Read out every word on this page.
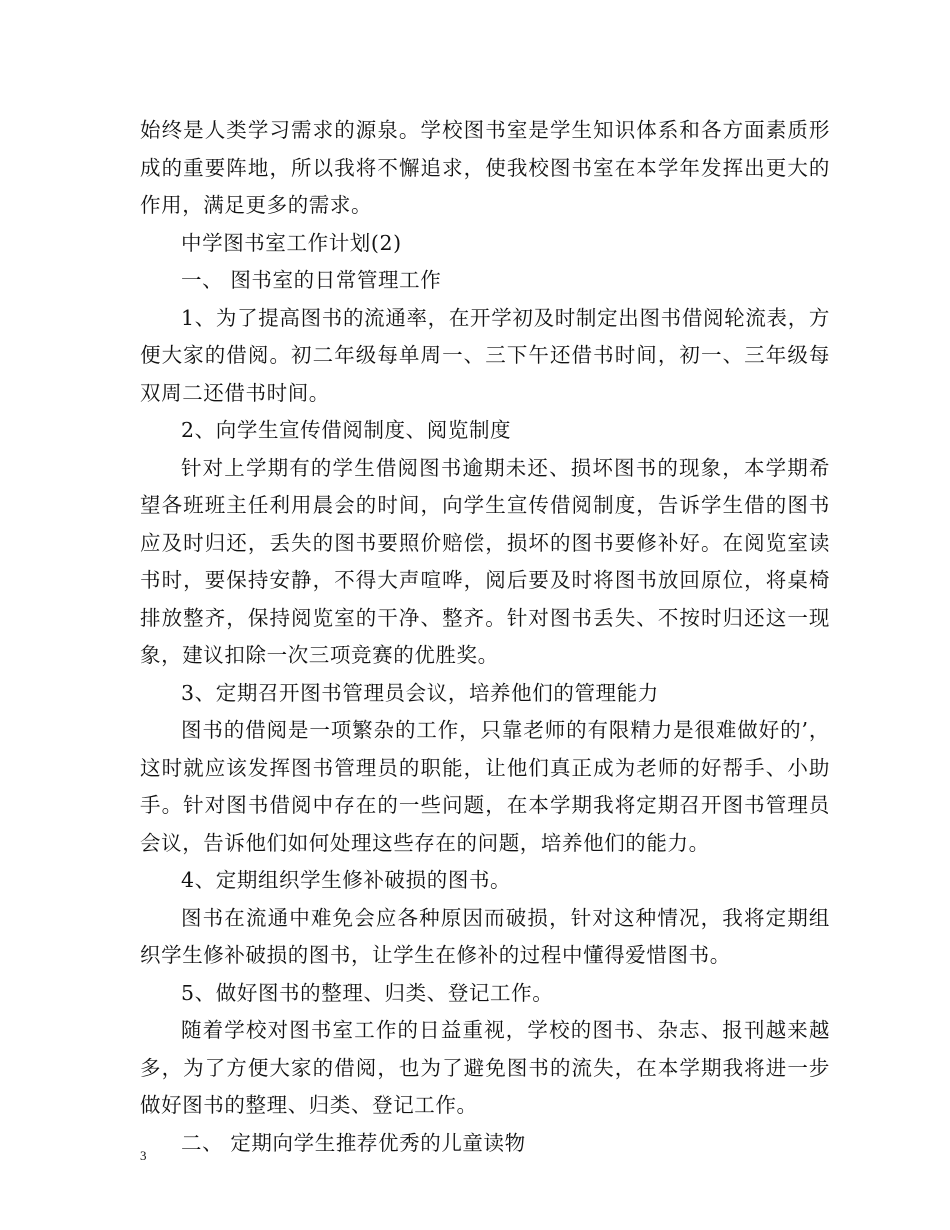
始终是人类学习需求的源泉。学校图书室是学生知识体系和各方面素质形成的重要阵地，所以我将不懈追求，使我校图书室在本学年发挥出更大的作用，满足更多的需求。

中学图书室工作计划(2)

一、 图书室的日常管理工作

1、为了提高图书的流通率，在开学初及时制定出图书借阅轮流表，方便大家的借阅。初二年级每单周一、三下午还借书时间，初一、三年级每双周二还借书时间。

2、向学生宣传借阅制度、阅览制度

针对上学期有的学生借阅图书逾期未还、损坏图书的现象，本学期希望各班班主任利用晨会的时间，向学生宣传借阅制度，告诉学生借的图书应及时归还，丢失的图书要照价赔偿，损坏的图书要修补好。在阅览室读书时，要保持安静，不得大声喧哗，阅后要及时将图书放回原位，将桌椅排放整齐，保持阅览室的干净、整齐。针对图书丢失、不按时归还这一现象，建议扣除一次三项竞赛的优胜奖。

3、定期召开图书管理员会议，培养他们的管理能力

图书的借阅是一项繁杂的工作，只靠老师的有限精力是很难做好的’，这时就应该发挥图书管理员的职能，让他们真正成为老师的好帮手、小助手。针对图书借阅中存在的一些问题，在本学期我将定期召开图书管理员会议，告诉他们如何处理这些存在的问题，培养他们的能力。

4、定期组织学生修补破损的图书。

图书在流通中难免会应各种原因而破损，针对这种情况，我将定期组织学生修补破损的图书，让学生在修补的过程中懂得爱惜图书。

5、做好图书的整理、归类、登记工作。

随着学校对图书室工作的日益重视，学校的图书、杂志、报刊越来越多，为了方便大家的借阅，也为了避免图书的流失，在本学期我将进一步做好图书的整理、归类、登记工作。

二、 定期向学生推荐优秀的儿童读物

3
